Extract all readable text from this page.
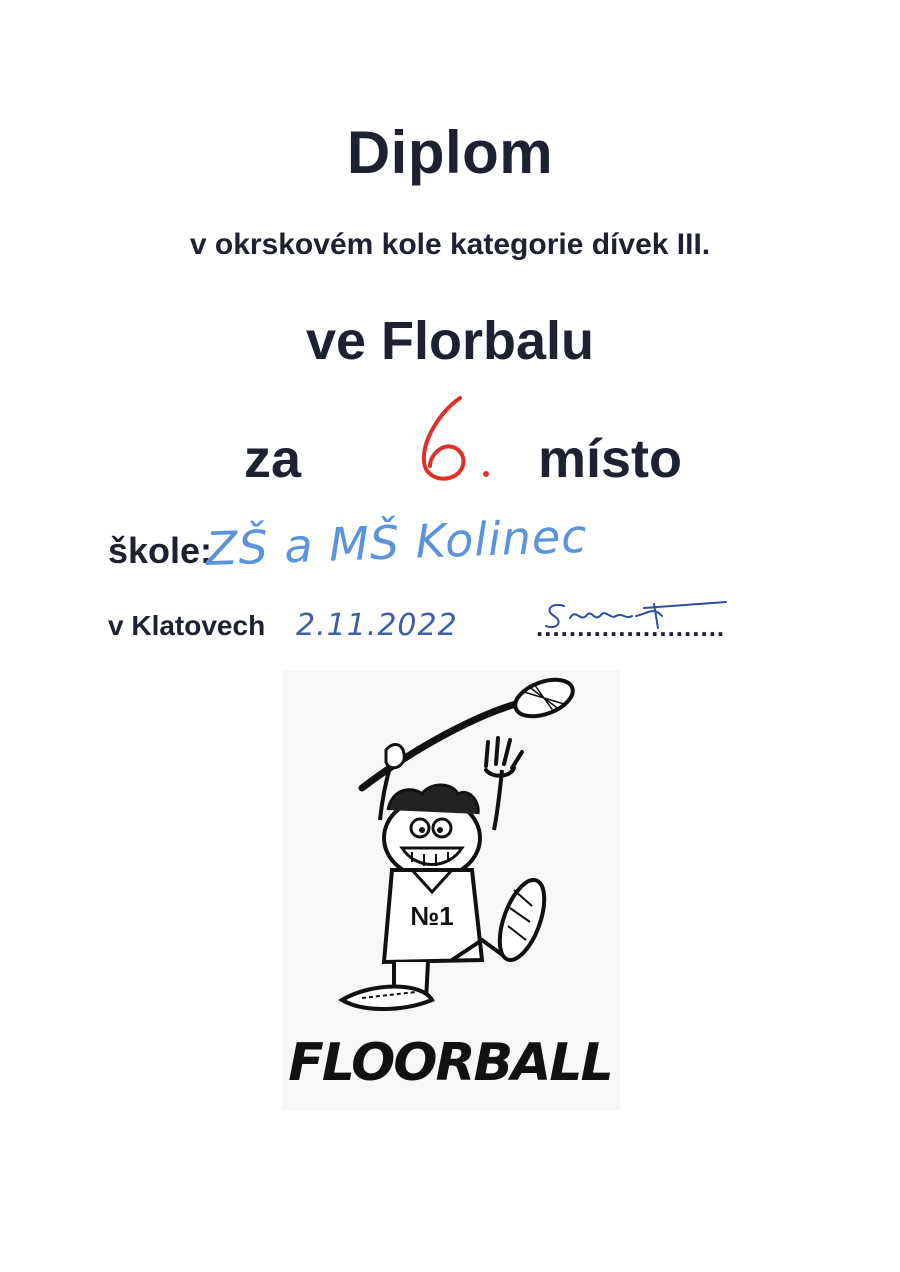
Diplom
v okrskovém kole kategorie dívek III.
ve Florbalu
za	místo
škole:
ZŠ a MŠ Kolinec
v Klatovech 2.11.2022	.......................
№1
FLOORBALL
